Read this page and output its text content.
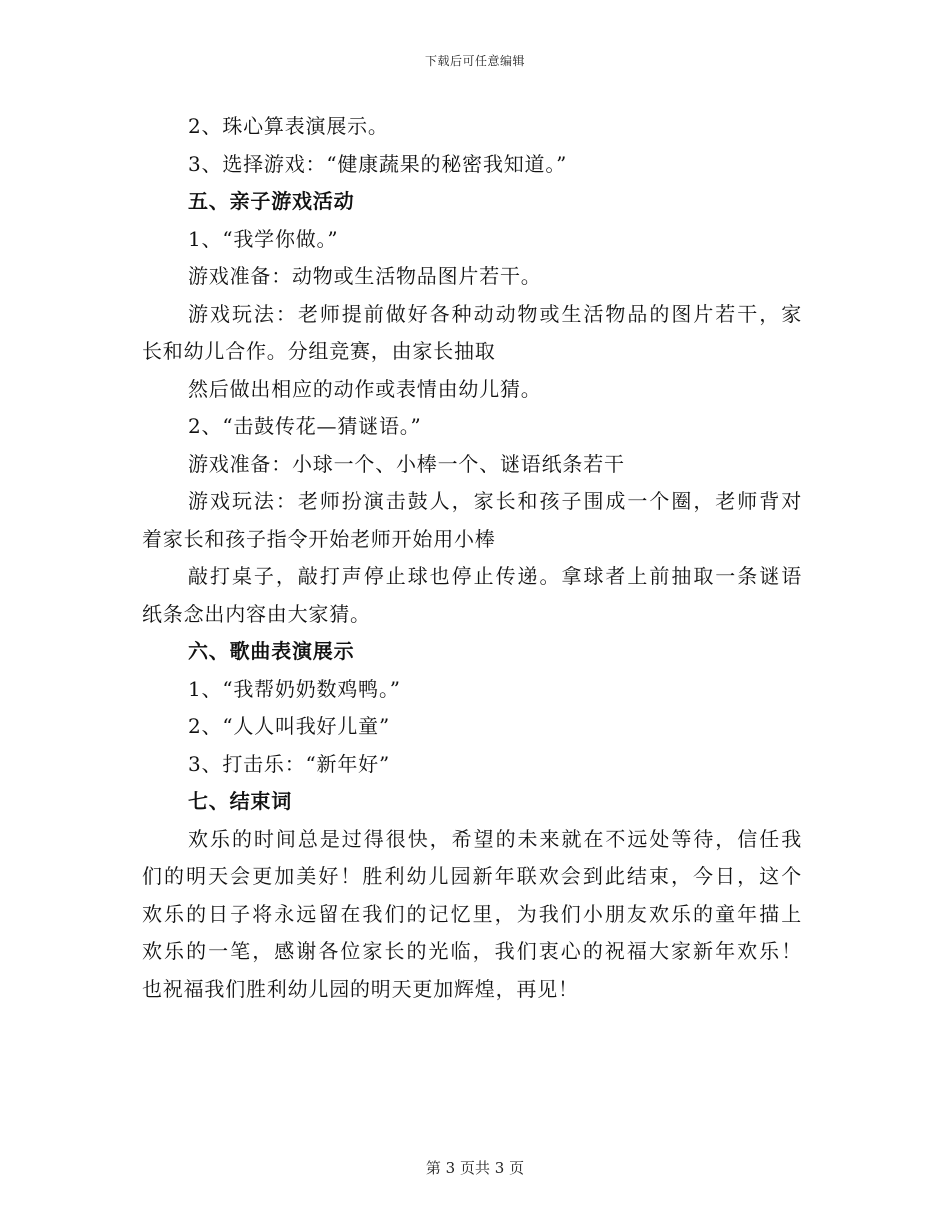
下载后可任意编辑
2、珠心算表演展示。
3、选择游戏：“健康蔬果的秘密我知道。”
五、亲子游戏活动
1、“我学你做。”
游戏准备：动物或生活物品图片若干。
游戏玩法：老师提前做好各种动动物或生活物品的图片若干，家
长和幼儿合作。分组竞赛，由家长抽取
然后做出相应的动作或表情由幼儿猜。
2、“击鼓传花—猜谜语。”
游戏准备：小球一个、小棒一个、谜语纸条若干
游戏玩法：老师扮演击鼓人，家长和孩子围成一个圈，老师背对
着家长和孩子指令开始老师开始用小棒
敲打桌子，敲打声停止球也停止传递。拿球者上前抽取一条谜语
纸条念出内容由大家猜。
六、歌曲表演展示
1、“我帮奶奶数鸡鸭。”
2、“人人叫我好儿童”
3、打击乐：“新年好”
七、结束词
欢乐的时间总是过得很快，希望的未来就在不远处等待，信任我
们的明天会更加美好！胜利幼儿园新年联欢会到此结束，今日，这个
欢乐的日子将永远留在我们的记忆里，为我们小朋友欢乐的童年描上
欢乐的一笔，感谢各位家长的光临，我们衷心的祝福大家新年欢乐！
也祝福我们胜利幼儿园的明天更加辉煌，再见！
第 3 页共 3 页
